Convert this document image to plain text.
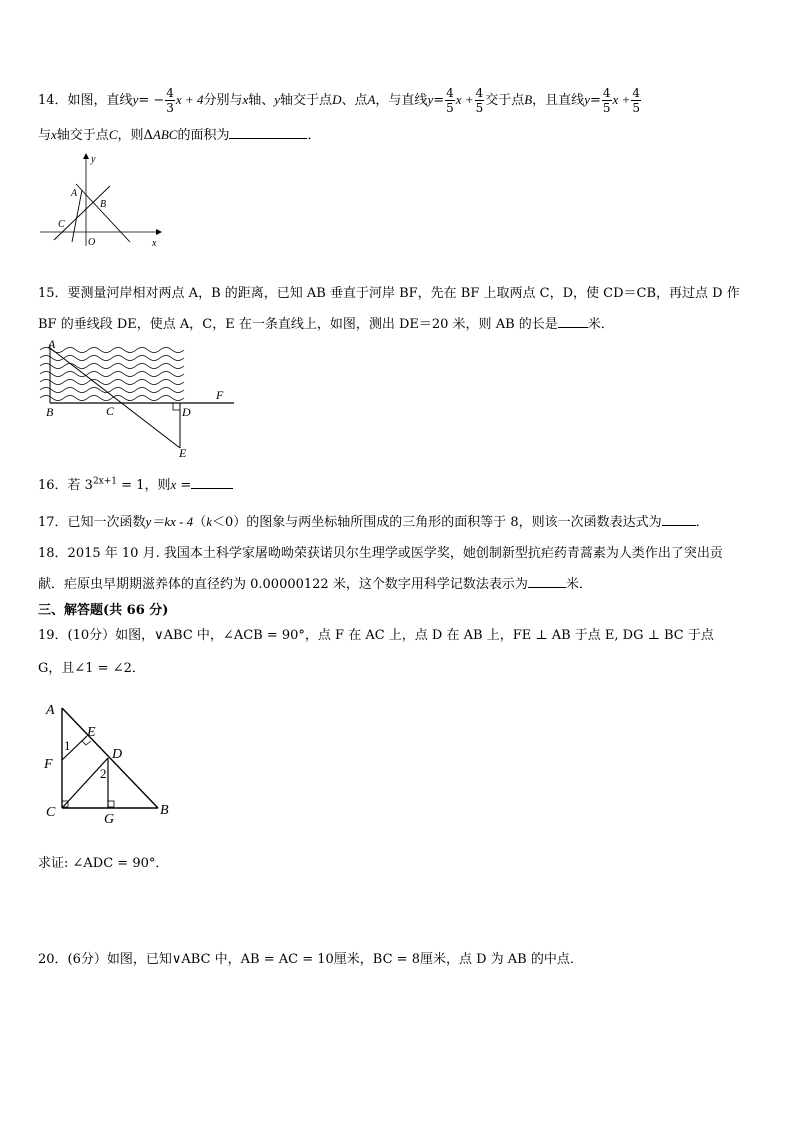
14．如图，直线$y= - \frac{4}{3}$ x + 4分别与x轴、y轴交于点D、点A，与直线$y= \frac{4}{5}$ $x + \frac{4}{5}$ 交于点B，且直线$y= \frac{4}{5}$ $x + \frac{4}{5}$
与x轴交于点C，则ΔABC的面积为	．
y
x
A
B
C
O
15．要测量河岸相对两点 A，B 的距离，已知 AB 垂直于河岸 BF，先在 BF 上取两点 C，D，使 CD＝CB，再过点 D 作
BF 的垂线段 DE，使点 A，C，E 在一条直线上，如图，测出 DE＝20 米，则 AB 的长是 米．
A
B	C	D
E
F
16．若 $3^{2x+1} = 1$，则x =
17．已知一次函数y＝kx - 4（k＜0）的图象与两坐标轴所围成的三角形的面积等于 8，则该一次函数表达式为	．
18．2015 年 10 月. 我国本土科学家屠呦呦荣获诺贝尔生理学或医学奖，她创制新型抗疟药青蒿素为人类作出了突出贡
献．疟原虫早期期滋养体的直径约为 0.00000122 米，这个数字用科学记数法表示为	米．
三、解答题(共 66 分)
19．(10分）如图，∨ABC 中，∠ACB = 90°，点 F 在 AC 上，点 D 在 AB 上，FE ⊥ AB 于点 E, DG ⊥ BC 于点
G，且∠1 = ∠2．
A
E
D
F
C	G
B
1
2
求证: ∠ADC = 90°．
20．(6分）如图，已知∨ABC 中，AB = AC = 10厘米，BC = 8厘米，点 D 为 AB 的中点．
